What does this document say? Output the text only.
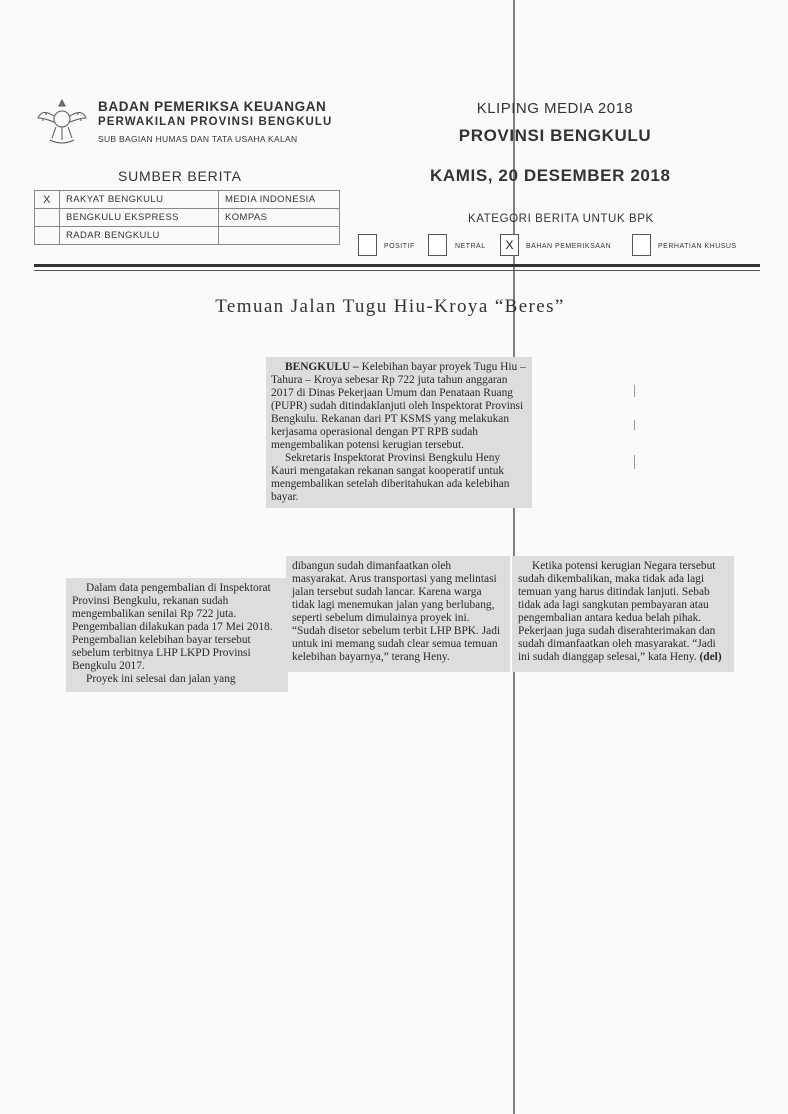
BADAN PEMERIKSA KEUANGAN
PERWAKILAN PROVINSI BENGKULU
SUB BAGIAN HUMAS DAN TATA USAHA KALAN
KLIPING MEDIA 2018
PROVINSI BENGKULU
SUMBER BERITA	KAMIS, 20 DESEMBER 2018
X	RAKYAT BENGKULU	MEDIA INDONESIA
	BENGKULU EKSPRESS	KOMPAS
	RADAR BENGKULU	
KATEGORI BERITA UNTUK BPK
POSITIF	NETRAL	X	BAHAN PEMERIKSAAN	PERHATIAN KHUSUS
Temuan Jalan Tugu Hiu-Kroya “Beres”

BENGKULU – Kelebihan bayar proyek Tugu Hiu – Tahura – Kroya sebesar Rp 722 juta tahun anggaran 2017 di Dinas Pekerjaan Umum dan Penataan Ruang (PUPR) sudah ditindaklanjuti oleh Inspektorat Provinsi Bengkulu. Rekanan dari PT KSMS yang melakukan kerjasama operasional dengan PT RPB sudah mengembalikan potensi kerugian tersebut.

Sekretaris Inspektorat Provinsi Bengkulu Heny Kauri mengatakan rekanan sangat kooperatif untuk mengembalikan setelah diberitahukan ada kelebihan bayar.

Dalam data pengembalian di Inspektorat Provinsi Bengkulu, rekanan sudah mengembalikan senilai Rp 722 juta. Pengembalian dilakukan pada 17 Mei 2018. Pengembalian kelebihan bayar tersebut sebelum terbitnya LHP LKPD Provinsi Bengkulu 2017.

Proyek ini selesai dan jalan yang

dibangun sudah dimanfaatkan oleh masyarakat. Arus transportasi yang melintasi jalan tersebut sudah lancar. Karena warga tidak lagi menemukan jalan yang berlubang, seperti sebelum dimulainya proyek ini. “Sudah disetor sebelum terbit LHP BPK. Jadi untuk ini memang sudah clear semua temuan kelebihan bayarnya,” terang Heny.

Ketika potensi kerugian Negara tersebut sudah dikembalikan, maka tidak ada lagi temuan yang harus ditindak lanjuti. Sebab tidak ada lagi sangkutan pembayaran atau pengembalian antara kedua belah pihak. Pekerjaan juga sudah diserahterimakan dan sudah dimanfaatkan oleh masyarakat. “Jadi ini sudah dianggap selesai,” kata Heny. (del)
